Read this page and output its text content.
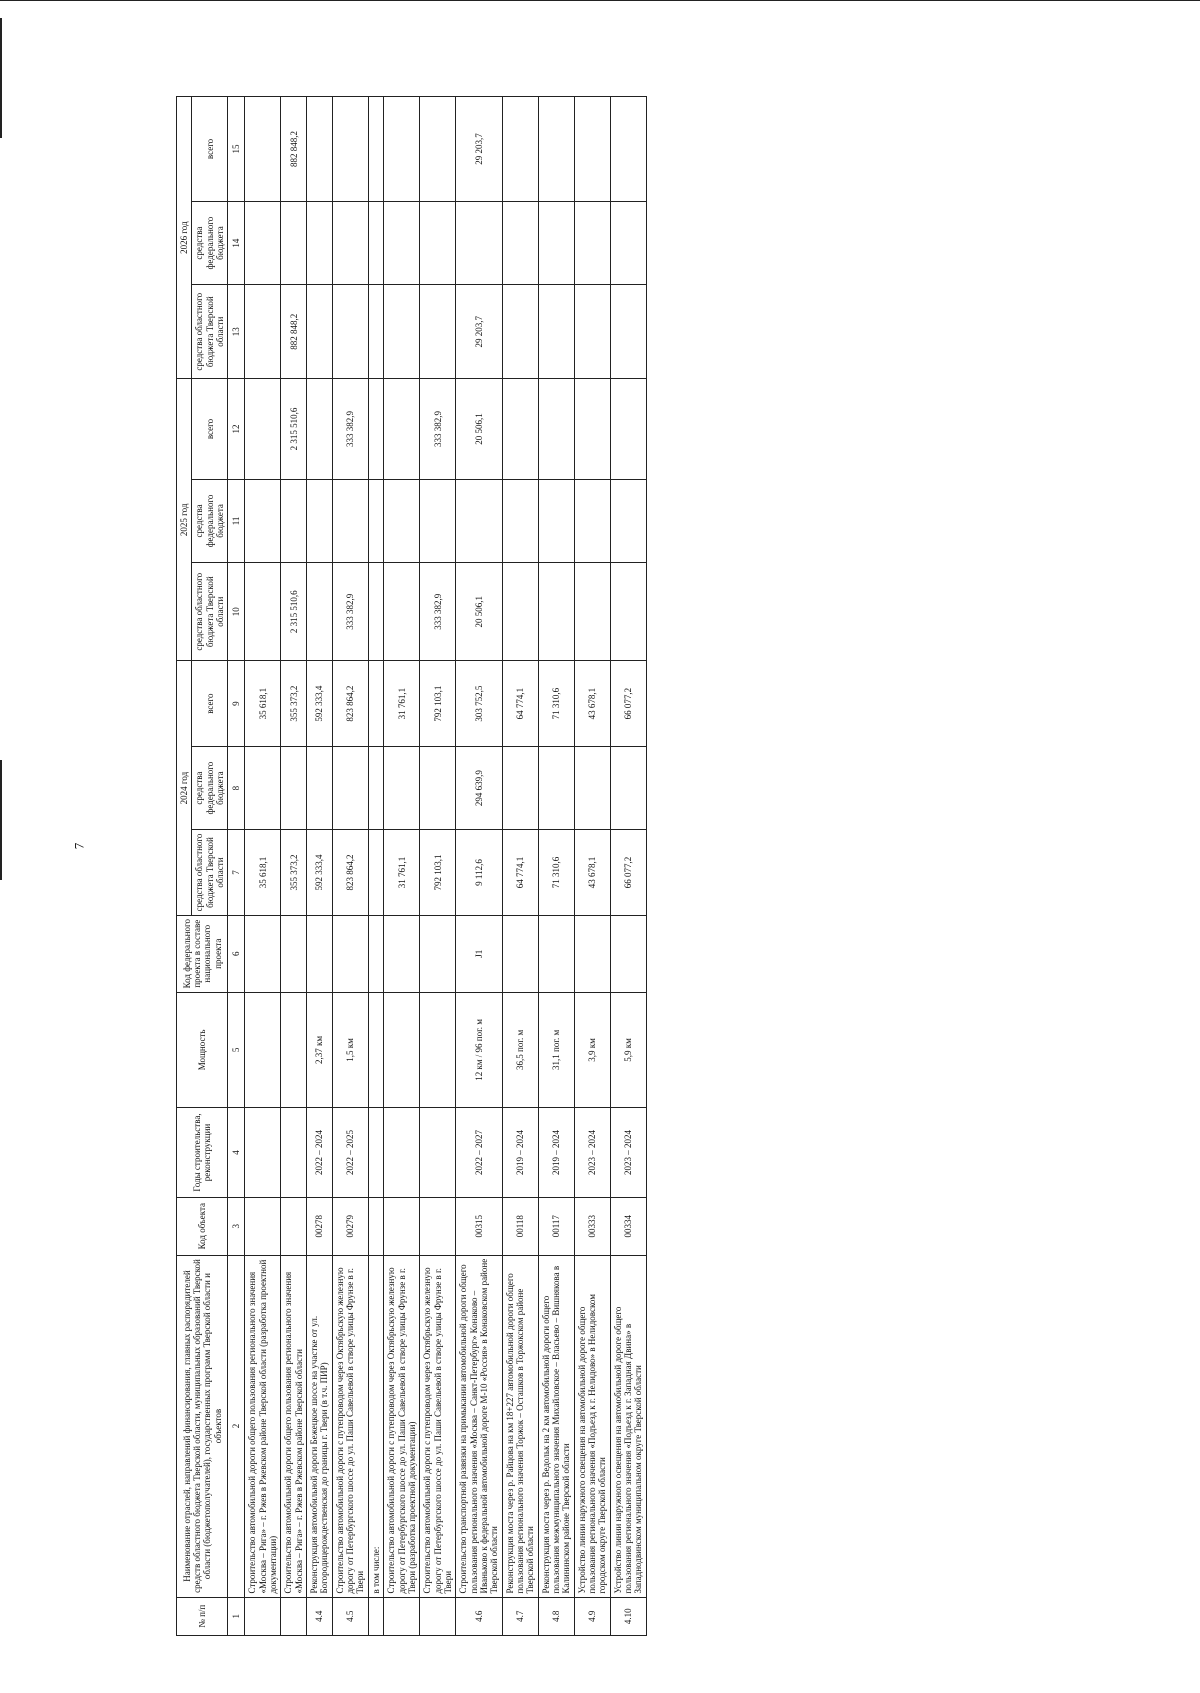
7
№ п/п	Наименование отраслей, направлений финансирования, главных распорядителей средств областного бюджета Тверской области, муниципальных образований Тверской области (бюджетополучателей), государственных программ Тверской области и объектов	Код объекта	Годы строительства, реконструкции	Мощность	Код федерального проекта в составе национального проекта	2024 год			2025 год			2026 год		
						средства областного бюджета Тверской области	средства федерального бюджета	всего	средства областного бюджета Тверской области	средства федерального бюджета	всего	средства областного бюджета Тверской области	средства федерального бюджета	всего
1	2	3	4	5	6	7	8	9	10	11	12	13	14	15
	Строительство автомобильной дороги общего пользования регионального значения «Москва – Рига» – г. Ржев в Ржевском районе Тверской области (разработка проектной документации)					35 618,1		35 618,1						
	Строительство автомобильной дороги общего пользования регионального значения «Москва – Рига» – г. Ржев в Ржевском районе Тверской области					355 373,2		355 373,2	2 315 510,6		2 315 510,6	882 848,2		882 848,2
4.4	Реконструкция автомобильной дороги Бежецкое шоссе на участке от ул. Богородицерождественская до границы г. Твери (в т.ч. ПИР)	00278	2022 – 2024	2,37 км		592 333,4		592 333,4						
4.5	Строительство автомобильной дороги с путепроводом через Октябрьскую железную дорогу от Петербургского шоссе до ул. Паши Савельевой в створе улицы Фрунзе в г. Твери	00279	2022 – 2025	1,5 км		823 864,2		823 864,2	333 382,9		333 382,9			
	в том числе:													
	Строительство автомобильной дороги с путепроводом через Октябрьскую железную дорогу от Петербургского шоссе до ул. Паши Савельевой в створе улицы Фрунзе в г. Твери (разработка проектной документации)					31 761,1		31 761,1						
	Строительство автомобильной дороги с путепроводом через Октябрьскую железную дорогу от Петербургского шоссе до ул. Паши Савельевой в створе улицы Фрунзе в г. Твери					792 103,1		792 103,1	333 382,9		333 382,9			
4.6	Строительство транспортной развязки на примыкании автомобильной дороги общего пользования регионального значения «Москва – Санкт-Петербург» Конаково – Иваньково к федеральной автомобильной дороге М-10 «Россия» в Конаковском районе Тверской области	00315	2022 – 2027	12 км / 96 пог. м	J1	9 112,6	294 639,9	303 752,5	20 506,1		20 506,1	29 203,7		29 203,7
4.7	Реконструкция моста через р. Райцова на км 18+227 автомобильной дороги общего пользования регионального значения Торжок – Осташков в Торжокском районе Тверской области	00118	2019 – 2024	36,5 пог. м		64 774,1		64 774,1						
4.8	Реконструкция моста через р. Ведольк на 2 км автомобильной дороги общего пользования межмуниципального значения Михайловское – Власьево – Вишнякова в Калининском районе Тверской области	00117	2019 – 2024	31,1 пог. м		71 310,6		71 310,6						
4.9	Устройство линии наружного освещения на автомобильной дороге общего пользования регионального значения «Подъезд к г. Нелидово» в Нелидовском городском округе Тверской области	00333	2023 – 2024	3,9 км		43 678,1		43 678,1						
4.10	Устройство линии наружного освещения на автомобильной дороге общего пользования регионального значения «Подъезд к г. Западная Двина» в Западнодвинском муниципальном округе Тверской области	00334	2023 – 2024	5,9 км		66 077,2		66 077,2						
